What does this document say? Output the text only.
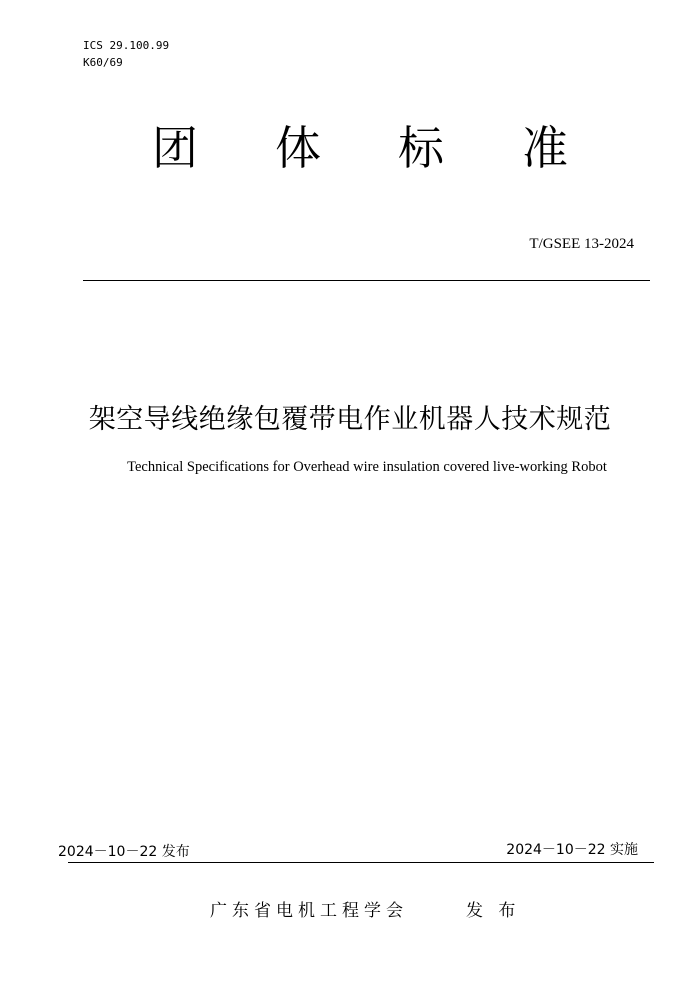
ICS 29.100.99
K60/69
团 体 标 准
T/GSEE 13-2024
架空导线绝缘包覆带电作业机器人技术规范
Technical Specifications for Overhead wire insulation covered live-working Robot
2024－10－22 发布	2024－10－22 实施
广东省电机工程学会	发 布
